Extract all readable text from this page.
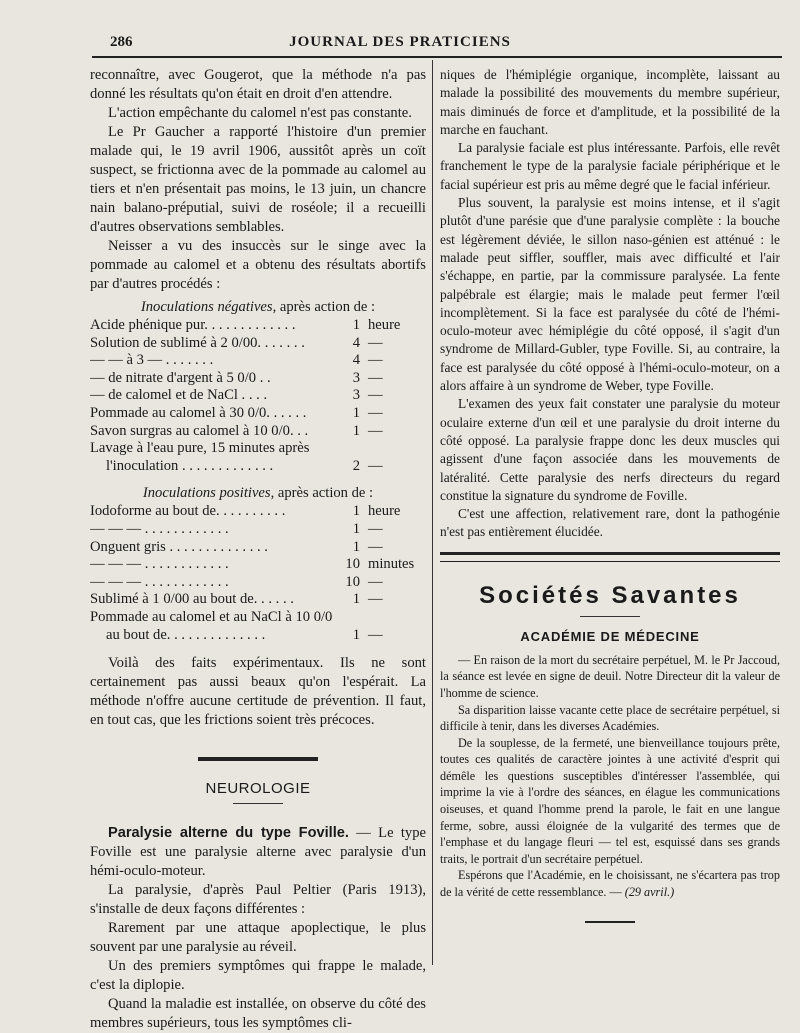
286	JOURNAL DES PRATICIENS

reconnaître, avec Gougerot, que la méthode n'a pas donné les résultats qu'on était en droit d'en attendre.

L'action empêchante du calomel n'est pas constante.

Le Pr Gaucher a rapporté l'histoire d'un premier malade qui, le 19 avril 1906, aussitôt après un coït suspect, se frictionna avec de la pommade au calomel au tiers et n'en présentait pas moins, le 13 juin, un chancre nain balano-préputial, suivi de roséole; il a recueilli d'autres observations semblables.

Neisser a vu des insuccès sur le singe avec la pommade au calomel et a obtenu des résultats abortifs par d'autres procédés :

Inoculations négatives, après action de :
Acide phénique pur. . . . . . . . . . . . .	1 heure
Solution de sublimé à 2 0/00. . . . . . .	4 —
— — à 3 — . . . . . . .	4 —
— de nitrate d'argent à 5 0/0 . .	3 —
— de calomel et de NaCl . . . .	3 —
Pommade au calomel à 30 0/0. . . . . .	1 —
Savon surgras au calomel à 10 0/0. . .	1 —
Lavage à l'eau pure, 15 minutes après
l'inoculation . . . . . . . . . . . . .	2 —
Inoculations positives, après action de :
Iodoforme au bout de. . . . . . . . . .	1 heure
— — — . . . . . . . . . . . .	1 —
Onguent gris . . . . . . . . . . . . . .	1 —
— — — . . . . . . . . . . . .	10 minutes
— — — . . . . . . . . . . . .	10 —
Sublimé à 1 0/00 au bout de. . . . . .	1 —
Pommade au calomel et au NaCl à 10 0/0
au bout de. . . . . . . . . . . . . .	1 —

Voilà des faits expérimentaux. Ils ne sont certainement pas aussi beaux qu'on l'espérait. La méthode n'offre aucune certitude de prévention. Il faut, en tout cas, que les frictions soient très précoces.

NEUROLOGIE

Paralysie alterne du type Foville. — Le type Foville est une paralysie alterne avec paralysie d'un hémi-oculo-moteur.

La paralysie, d'après Paul Peltier (Paris 1913), s'installe de deux façons différentes :

Rarement par une attaque apoplectique, le plus souvent par une paralysie au réveil.

Un des premiers symptômes qui frappe le malade, c'est la diplopie.

Quand la maladie est installée, on observe du côté des membres supérieurs, tous les symptômes cli-

niques de l'hémiplégie organique, incomplète, laissant au malade la possibilité des mouvements du membre supérieur, mais diminués de force et d'amplitude, et la possibilité de la marche en fauchant.

La paralysie faciale est plus intéressante. Parfois, elle revêt franchement le type de la paralysie faciale périphérique et le facial supérieur est pris au même degré que le facial inférieur.

Plus souvent, la paralysie est moins intense, et il s'agit plutôt d'une parésie que d'une paralysie complète : la bouche est légèrement déviée, le sillon naso-génien est atténué : le malade peut siffler, souffler, mais avec difficulté et l'air s'échappe, en partie, par la commissure paralysée. La fente palpébrale est élargie; mais le malade peut fermer l'œil incomplètement. Si la face est paralysée du côté de l'hémi-oculo-moteur avec hémiplégie du côté opposé, il s'agit d'un syndrome de Millard-Gubler, type Foville. Si, au contraire, la face est paralysée du côté opposé à l'hémi-oculo-moteur, on a alors affaire à un syndrome de Weber, type Foville.

L'examen des yeux fait constater une paralysie du moteur oculaire externe d'un œil et une paralysie du droit interne du côté opposé. La paralysie frappe donc les deux muscles qui agissent d'une façon associée dans les mouvements de latéralité. Cette paralysie des nerfs directeurs du regard constitue la signature du syndrome de Foville.

C'est une affection, relativement rare, dont la pathogénie n'est pas entièrement élucidée.

Sociétés Savantes
ACADÉMIE DE MÉDECINE

— En raison de la mort du secrétaire perpétuel, M. le Pr Jaccoud, la séance est levée en signe de deuil. Notre Directeur dit la valeur de l'homme de science.

Sa disparition laisse vacante cette place de secrétaire perpétuel, si difficile à tenir, dans les diverses Académies.

De la souplesse, de la fermeté, une bienveillance toujours prête, toutes ces qualités de caractère jointes à une activité d'esprit qui démêle les questions susceptibles d'intéresser l'assemblée, qui imprime la vie à l'ordre des séances, en élague les communications oiseuses, et quand l'homme prend la parole, le fait en une langue ferme, sobre, aussi éloignée de la vulgarité des termes que de l'emphase et du langage fleuri — tel est, esquissé dans ses grands traits, le portrait d'un secrétaire perpétuel.

Espérons que l'Académie, en le choisissant, ne s'écartera pas trop de la vérité de cette ressemblance. — (29 avril.)
